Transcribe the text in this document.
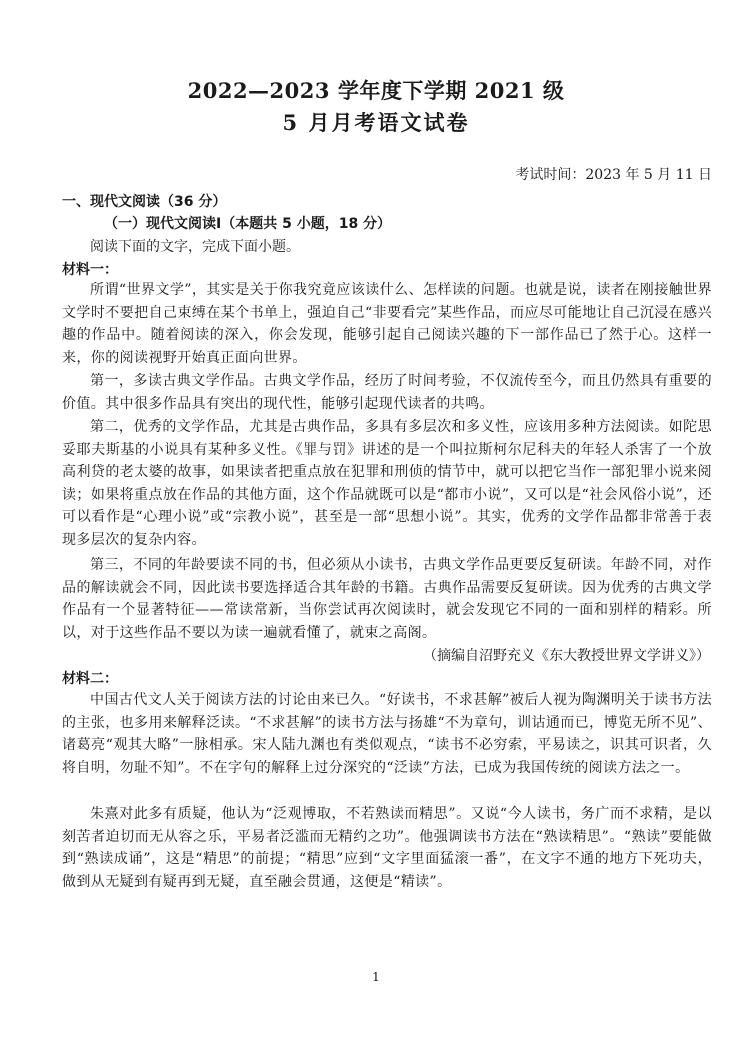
2022—2023 学年度下学期 2021 级
5 月月考语文试卷
考试时间：2023 年 5 月 11 日
一、现代文阅读（36 分）
（一）现代文阅读Ⅰ（本题共 5 小题，18 分）
阅读下面的文字，完成下面小题。
材料一：
所谓“世界文学”，其实是关于你我究竟应该读什么、怎样读的问题。也就是说，读者在刚接触世界文学时不要把自己束缚在某个书单上，强迫自己“非要看完”某些作品，而应尽可能地让自己沉浸在感兴趣的作品中。随着阅读的深入，你会发现，能够引起自己阅读兴趣的下一部作品已了然于心。这样一来，你的阅读视野开始真正面向世界。
第一，多读古典文学作品。古典文学作品，经历了时间考验，不仅流传至今，而且仍然具有重要的价值。其中很多作品具有突出的现代性，能够引起现代读者的共鸣。
第二，优秀的文学作品，尤其是古典作品，多具有多层次和多义性，应该用多种方法阅读。如陀思妥耶夫斯基的小说具有某种多义性。《罪与罚》讲述的是一个叫拉斯柯尔尼科夫的年轻人杀害了一个放高利贷的老太婆的故事，如果读者把重点放在犯罪和刑侦的情节中，就可以把它当作一部犯罪小说来阅读；如果将重点放在作品的其他方面，这个作品就既可以是“都市小说”，又可以是“社会风俗小说”，还可以看作是“心理小说”或“宗教小说”，甚至是一部“思想小说”。其实，优秀的文学作品都非常善于表现多层次的复杂内容。
第三，不同的年龄要读不同的书，但必须从小读书，古典文学作品更要反复研读。年龄不同，对作品的解读就会不同，因此读书要选择适合其年龄的书籍。古典作品需要反复研读。因为优秀的古典文学作品有一个显著特征——常读常新，当你尝试再次阅读时，就会发现它不同的一面和别样的精彩。所以，对于这些作品不要以为读一遍就看懂了，就束之高阁。
（摘编自沼野充义《东大教授世界文学讲义》）
材料二：
中国古代文人关于阅读方法的讨论由来已久。“好读书，不求甚解”被后人视为陶渊明关于读书方法的主张，也多用来解释泛读。“不求甚解”的读书方法与扬雄“不为章句，训诂通而已，博览无所不见”、诸葛亮“观其大略”一脉相承。宋人陆九渊也有类似观点，“读书不必穷索，平易读之，识其可识者，久将自明，勿耻不知”。不在字句的解释上过分深究的“泛读”方法，已成为我国传统的阅读方法之一。
朱熹对此多有质疑，他认为“泛观博取，不若熟读而精思”。又说“今人读书，务广而不求精，是以刻苦者迫切而无从容之乐，平易者泛滥而无精约之功”。他强调读书方法在“熟读精思”。“熟读”要能做到“熟读成诵”，这是“精思”的前提；“精思”应到“文字里面猛滚一番”，在文字不通的地方下死功夫，做到从无疑到有疑再到无疑，直至融会贯通，这便是“精读”。
1
